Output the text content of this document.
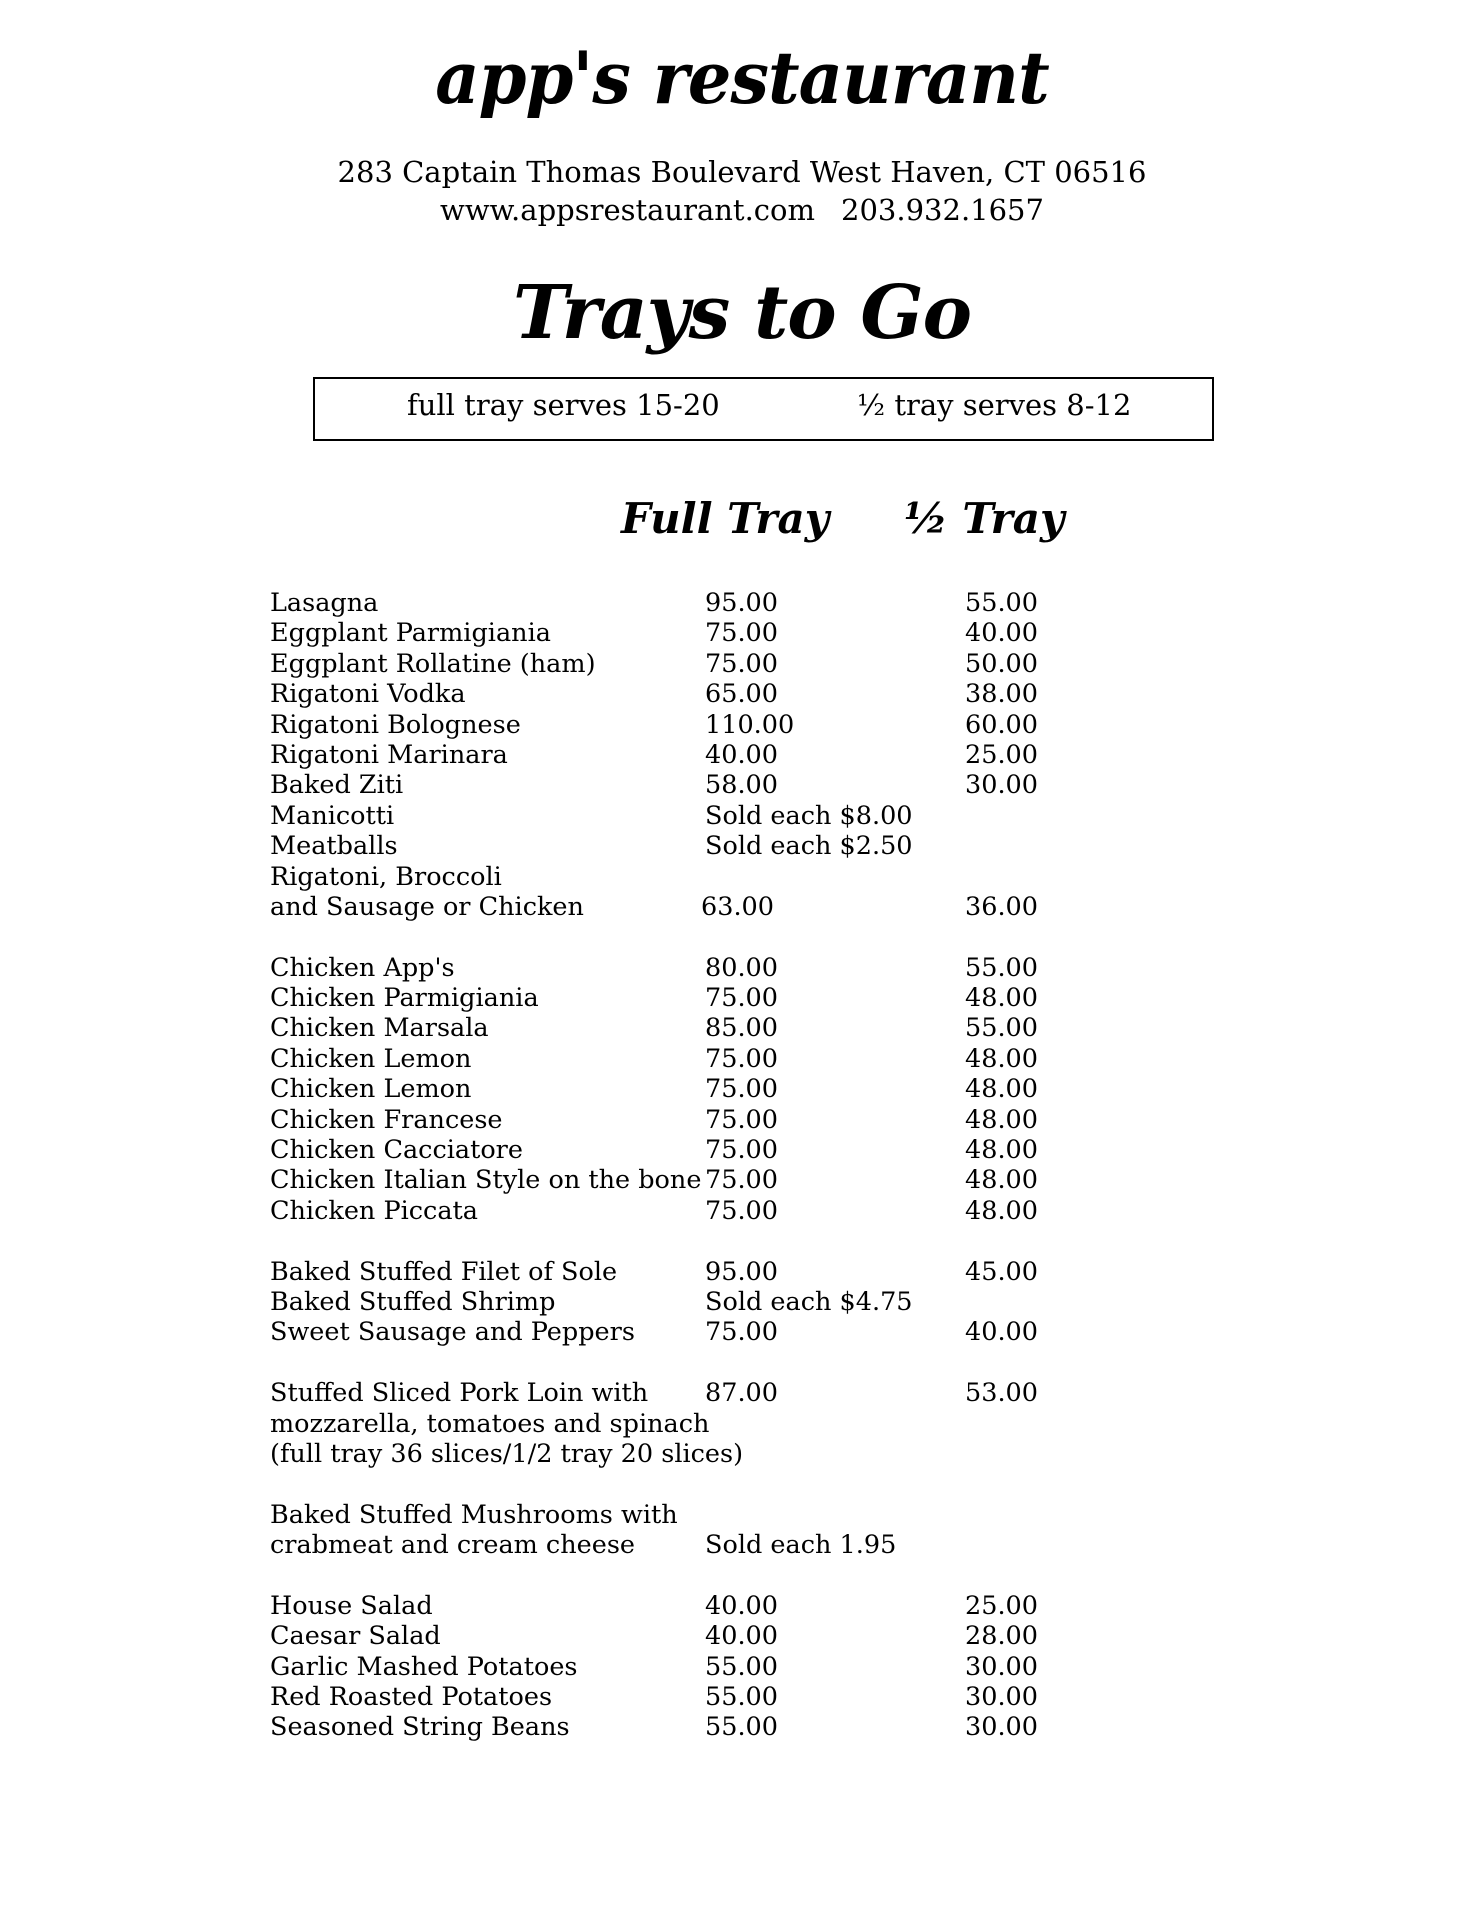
app's restaurant
283 Captain Thomas Boulevard West Haven, CT 06516
www.appsrestaurant.com 203.932.1657
Trays to Go
full tray serves 15-20	½ tray serves 8-12
Full Tray ½ Tray
Lasagna	95.00	55.00
Eggplant Parmigiania	75.00	40.00
Eggplant Rollatine (ham)	75.00	50.00
Rigatoni Vodka	65.00	38.00
Rigatoni Bolognese	110.00	60.00
Rigatoni Marinara	40.00	25.00
Baked Ziti	58.00	30.00
Manicotti	Sold each $8.00
Meatballs	Sold each $2.50
Rigatoni, Broccoli
and Sausage or Chicken	63.00	36.00
Chicken App's	80.00	55.00
Chicken Parmigiania	75.00	48.00
Chicken Marsala	85.00	55.00
Chicken Lemon	75.00	48.00
Chicken Lemon	75.00	48.00
Chicken Francese	75.00	48.00
Chicken Cacciatore	75.00	48.00
Chicken Italian Style on the bone 75.00	48.00
Chicken Piccata	75.00	48.00
Baked Stuffed Filet of Sole	95.00	45.00
Baked Stuffed Shrimp	Sold each $4.75
Sweet Sausage and Peppers	75.00	40.00
Stuffed Sliced Pork Loin with 87.00	53.00
mozzarella, tomatoes and spinach
(full tray 36 slices/1/2 tray 20 slices)
Baked Stuffed Mushrooms with
crabmeat and cream cheese	Sold each 1.95
House Salad	40.00	25.00
Caesar Salad	40.00	28.00
Garlic Mashed Potatoes	55.00	30.00
Red Roasted Potatoes	55.00	30.00
Seasoned String Beans	55.00	30.00
